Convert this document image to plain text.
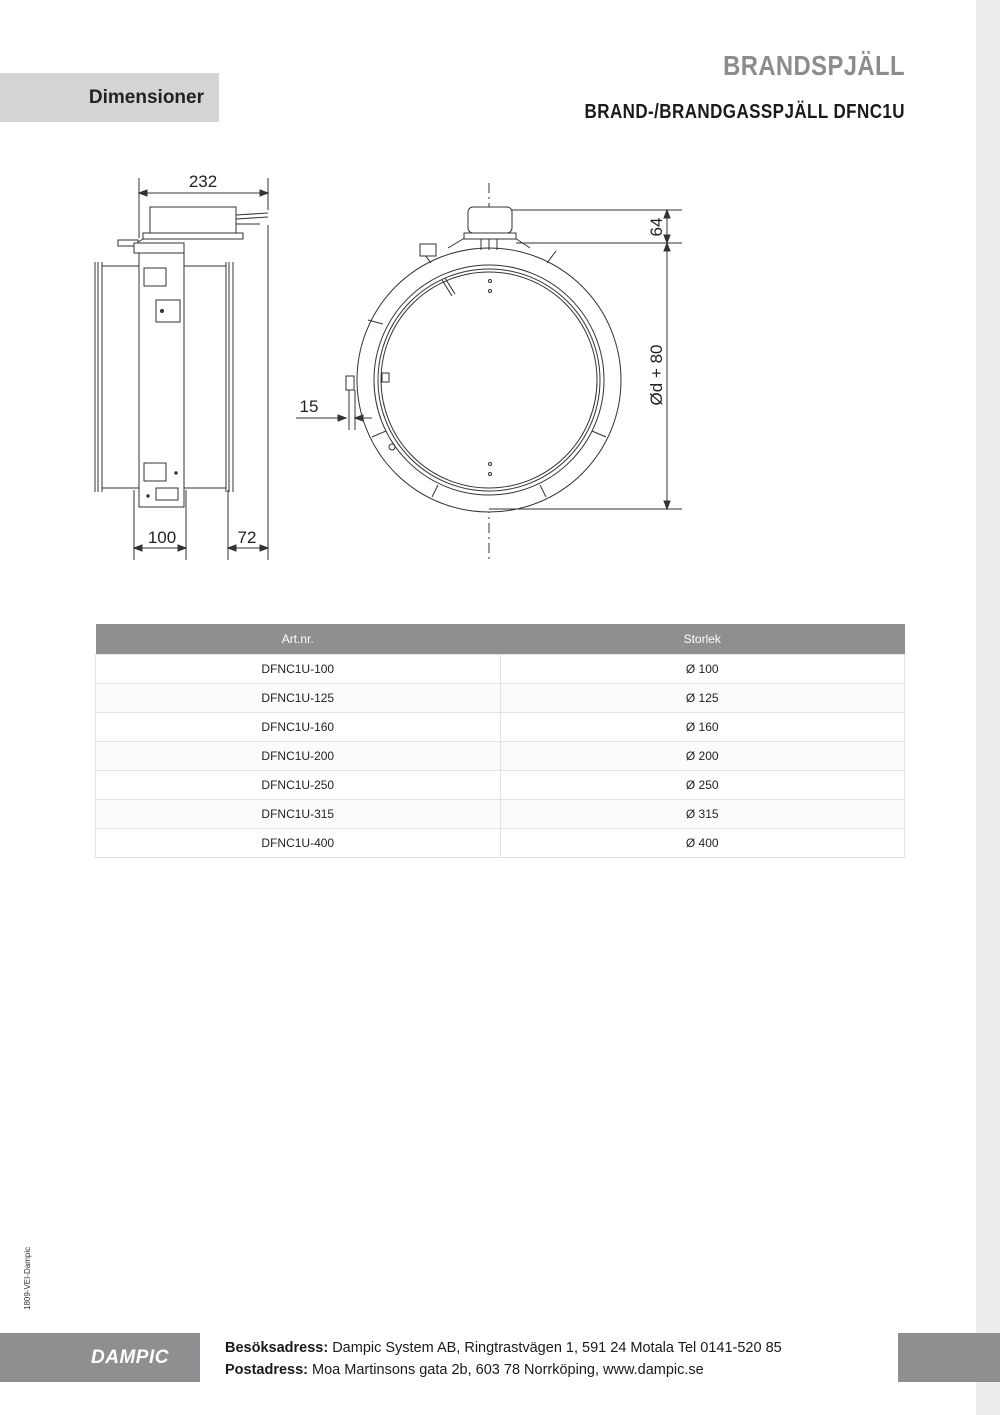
Dimensioner
BRANDSPJÄLL
BRAND-/BRANDGASSPJÄLL DFNC1U
232
100	72
64
Ød + 80
15
Art.nr.	Storlek
DFNC1U-100	Ø 100
DFNC1U-125	Ø 125
DFNC1U-160	Ø 160
DFNC1U-200	Ø 200
DFNC1U-250	Ø 250
DFNC1U-315	Ø 315
DFNC1U-400	Ø 400
1809-VEI-Dampic
DAMPIC	Besöksadress: Dampic System AB, Ringtrastvägen 1, 591 24 Motala Tel 0141-520 85
Postadress: Moa Martinsons gata 2b, 603 78 Norrköping, www.dampic.se
